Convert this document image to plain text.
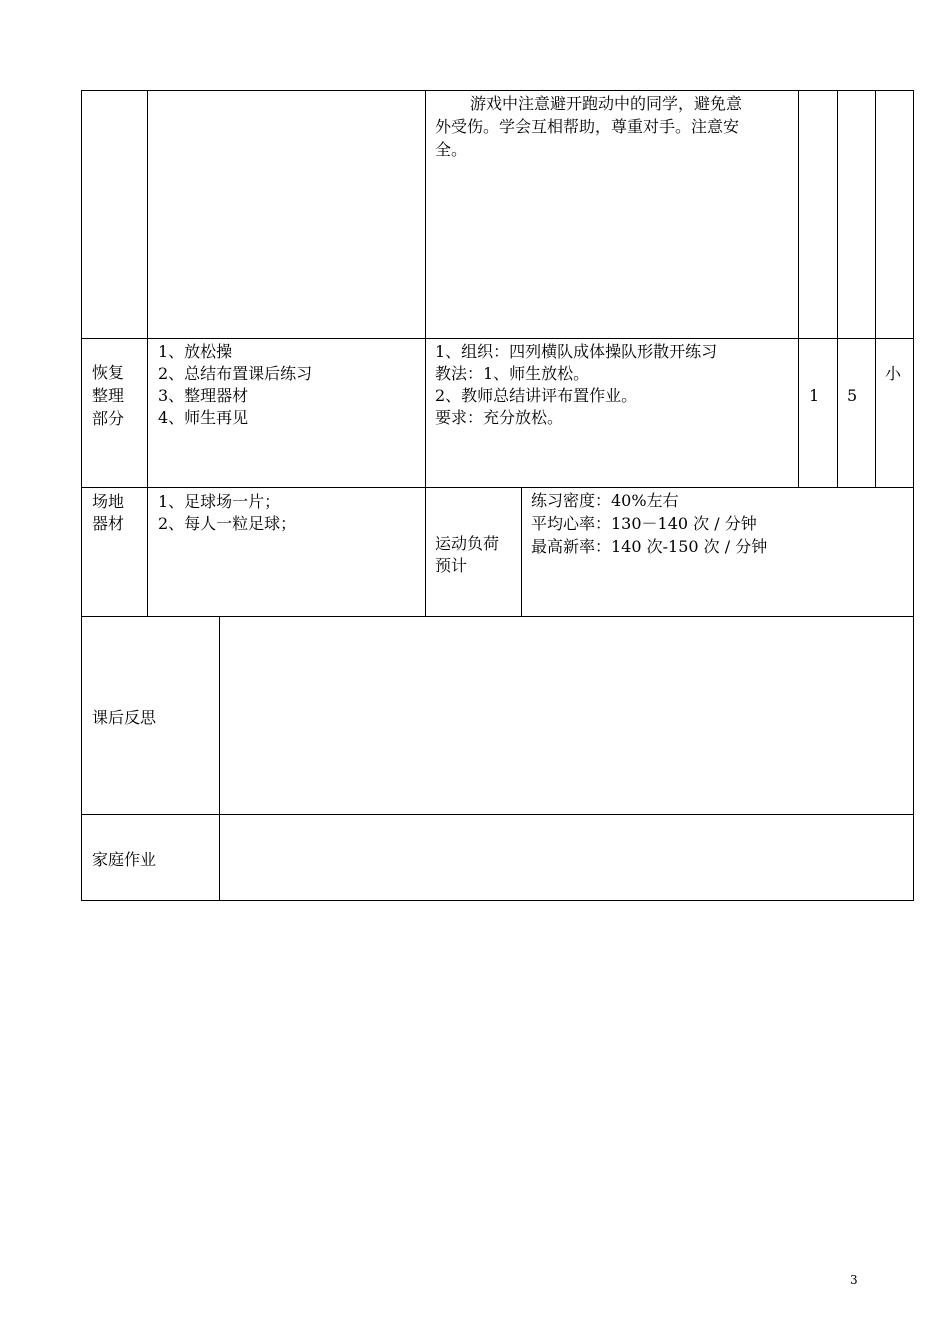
游戏中注意避开跑动中的同学，避免意
外受伤。学会互相帮助，尊重对手。注意安
全。
恢复
整理
部分
1、放松操
2、总结布置课后练习
3、整理器材
4、师生再见
1、组织：四列横队成体操队形散开练习
教法：1、师生放松。
2、教师总结讲评布置作业。
要求：充分放松。
1 5
小
场地
器材
1、足球场一片；
2、每人一粒足球；
运动负荷
预计
练习密度：40%左右
平均心率：130－140 次 / 分钟
最高新率：140 次-150 次 / 分钟
课后反思
家庭作业
3
